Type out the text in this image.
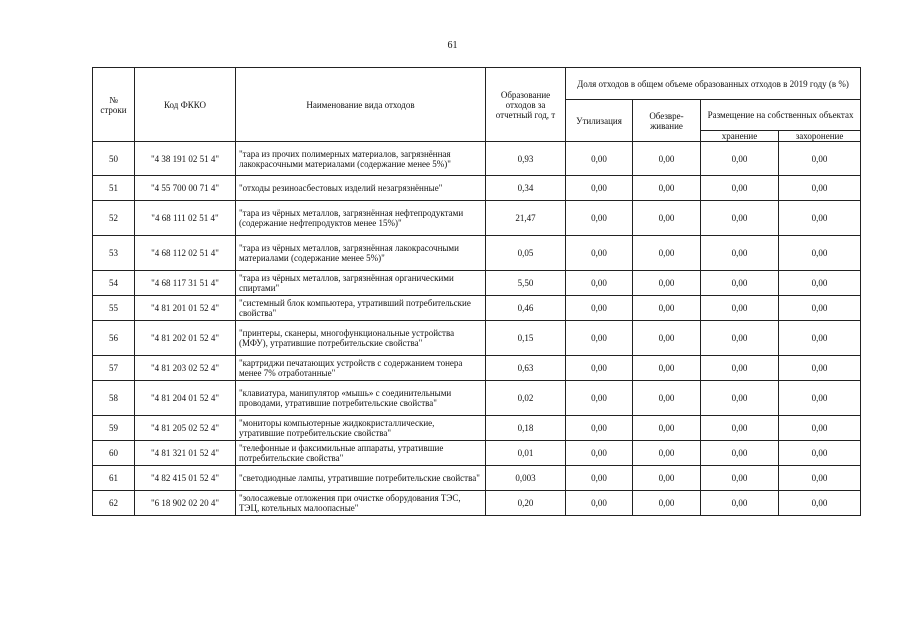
61
№ строки	Код ФККО	Наименование вида отходов	Образование отходов за отчетный год, т	Доля отходов в общем объеме образованных отходов в 2019 году (в %)			
				Утилизация	Обезвре-живание	Размещение на собственных объектах	
						хранение	захоронение
50	"4 38 191 02 51 4"	"тара из прочих полимерных материалов, загрязнённая лакокрасочными материалами (содержание менее 5%)"	0,93	0,00	0,00	0,00	0,00
51	"4 55 700 00 71 4"	"отходы резиноасбестовых изделий незагрязнённые"	0,34	0,00	0,00	0,00	0,00
52	"4 68 111 02 51 4"	"тара из чёрных металлов, загрязнённая нефтепродуктами (содержание нефтепродуктов менее 15%)"	21,47	0,00	0,00	0,00	0,00
53	"4 68 112 02 51 4"	"тара из чёрных металлов, загрязнённая лакокрасочными материалами (содержание менее 5%)"	0,05	0,00	0,00	0,00	0,00
54	"4 68 117 31 51 4"	"тара из чёрных металлов, загрязнённая органическими спиртами"	5,50	0,00	0,00	0,00	0,00
55	"4 81 201 01 52 4"	"системный блок компьютера, утративший потребительские свойства"	0,46	0,00	0,00	0,00	0,00
56	"4 81 202 01 52 4"	"принтеры, сканеры, многофункциональные устройства (МФУ), утратившие потребительские свойства"	0,15	0,00	0,00	0,00	0,00
57	"4 81 203 02 52 4"	"картриджи печатающих устройств с содержанием тонера менее 7% отработанные"	0,63	0,00	0,00	0,00	0,00
58	"4 81 204 01 52 4"	"клавиатура, манипулятор «мышь» с соединительными проводами, утратившие потребительские свойства"	0,02	0,00	0,00	0,00	0,00
59	"4 81 205 02 52 4"	"мониторы компьютерные жидкокристаллические, утратившие потребительские свойства"	0,18	0,00	0,00	0,00	0,00
60	"4 81 321 01 52 4"	"телефонные и факсимильные аппараты, утратившие потребительские свойства"	0,01	0,00	0,00	0,00	0,00
61	"4 82 415 01 52 4"	"светодиодные лампы, утратившие потребительские свойства"	0,003	0,00	0,00	0,00	0,00
62	"6 18 902 02 20 4"	"золосажевые отложения при очистке оборудования ТЭС, ТЭЦ, котельных малоопасные"	0,20	0,00	0,00	0,00	0,00
